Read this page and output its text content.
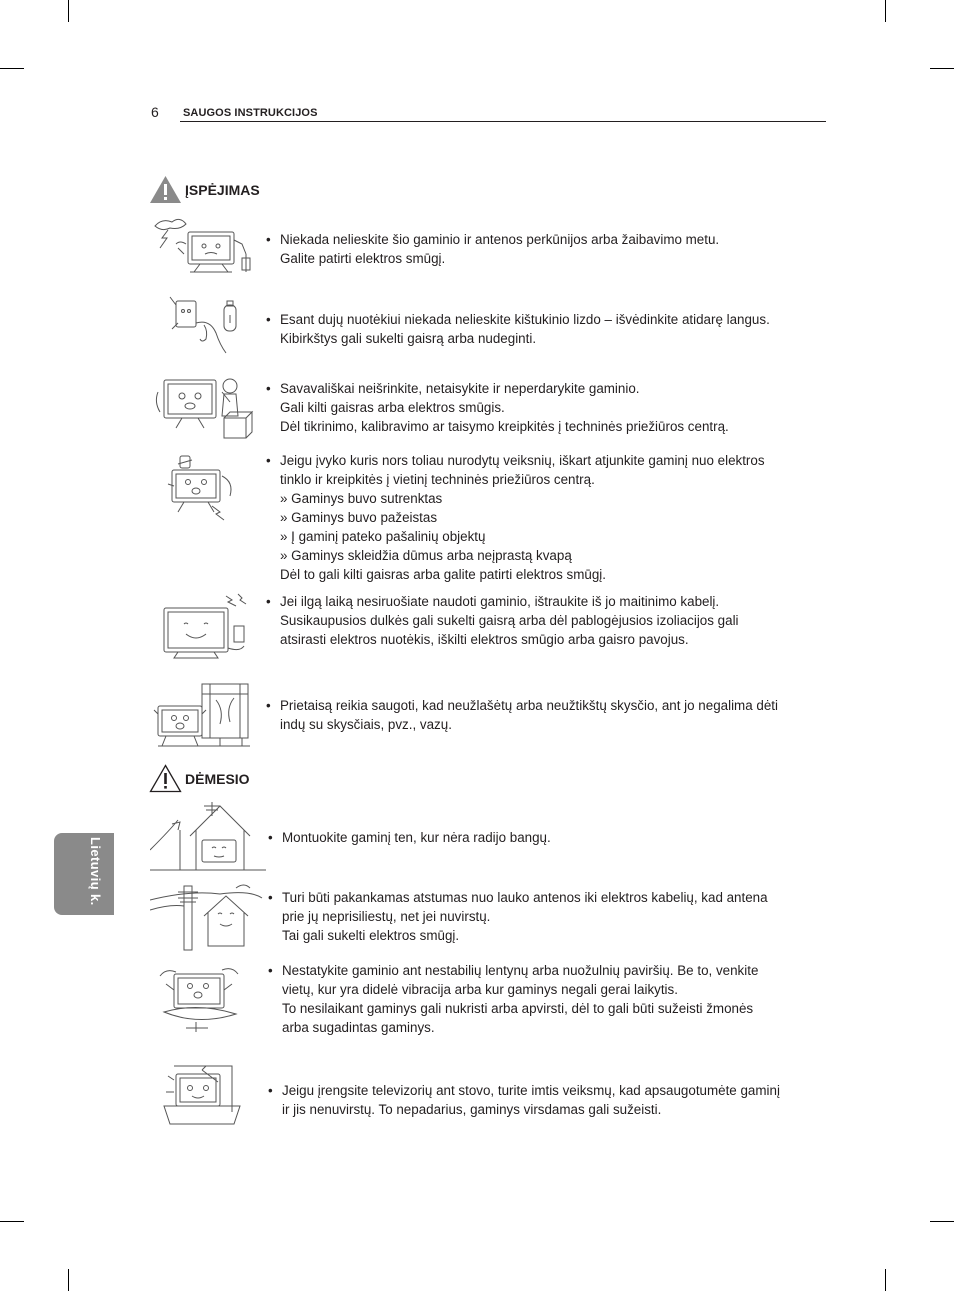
6 SAUGOS INSTRUKCIJOS
Lietuvių k.
ĮSPĖJIMAS
• Niekada nelieskite šio gaminio ir antenos perkūnijos arba žaibavimo metu.
Galite patirti elektros smūgį.
• Esant dujų nuotėkiui niekada nelieskite kištukinio lizdo – išvėdinkite atidarę langus.
Kibirkštys gali sukelti gaisrą arba nudeginti.
• Savavališkai neišrinkite, netaisykite ir neperdarykite gaminio.
Gali kilti gaisras arba elektros smūgis.
Dėl tikrinimo, kalibravimo ar taisymo kreipkitės į techninės priežiūros centrą.
• Jeigu įvyko kuris nors toliau nurodytų veiksnių, iškart atjunkite gaminį nuo elektros
tinklo ir kreipkitės į vietinį techninės priežiūros centrą.
» Gaminys buvo sutrenktas
» Gaminys buvo pažeistas
» Į gaminį pateko pašalinių objektų
» Gaminys skleidžia dūmus arba neįprastą kvapą
Dėl to gali kilti gaisras arba galite patirti elektros smūgį.
• Jei ilgą laiką nesiruošiate naudoti gaminio, ištraukite iš jo maitinimo kabelį.
Susikaupusios dulkės gali sukelti gaisrą arba dėl pablogėjusios izoliacijos gali
atsirasti elektros nuotėkis, iškilti elektros smūgio arba gaisro pavojus.
• Prietaisą reikia saugoti, kad neužlašėtų arba neužtikštų skysčio, ant jo negalima dėti
indų su skysčiais, pvz., vazų.
DĖMESIO
• Montuokite gaminį ten, kur nėra radijo bangų.
• Turi būti pakankamas atstumas nuo lauko antenos iki elektros kabelių, kad antena
prie jų neprisiliestų, net jei nuvirstų.
Tai gali sukelti elektros smūgį.
• Nestatykite gaminio ant nestabilių lentynų arba nuožulnių paviršių. Be to, venkite
vietų, kur yra didelė vibracija arba kur gaminys negali gerai laikytis.
To nesilaikant gaminys gali nukristi arba apvirsti, dėl to gali būti sužeisti žmonės
arba sugadintas gaminys.
• Jeigu įrengsite televizorių ant stovo, turite imtis veiksmų, kad apsaugotumėte gaminį
ir jis nenuvirstų. To nepadarius, gaminys virsdamas gali sužeisti.
